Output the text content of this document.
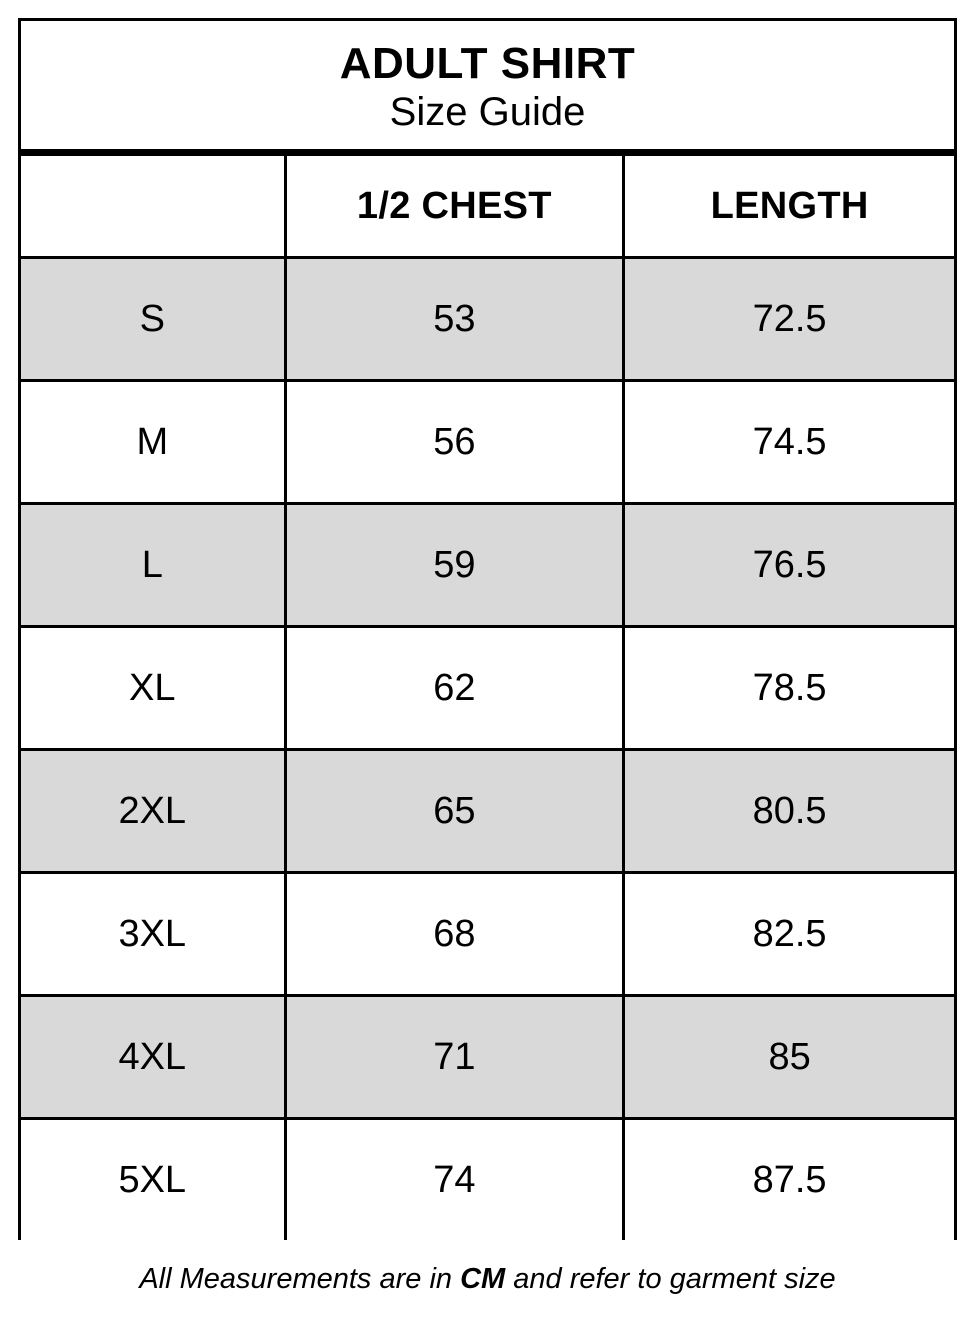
ADULT SHIRT
Size Guide
	1/2 CHEST	LENGTH
S	53	72.5
M	56	74.5
L	59	76.5
XL	62	78.5
2XL	65	80.5
3XL	68	82.5
4XL	71	85
5XL	74	87.5
All Measurements are in CM and refer to garment size
